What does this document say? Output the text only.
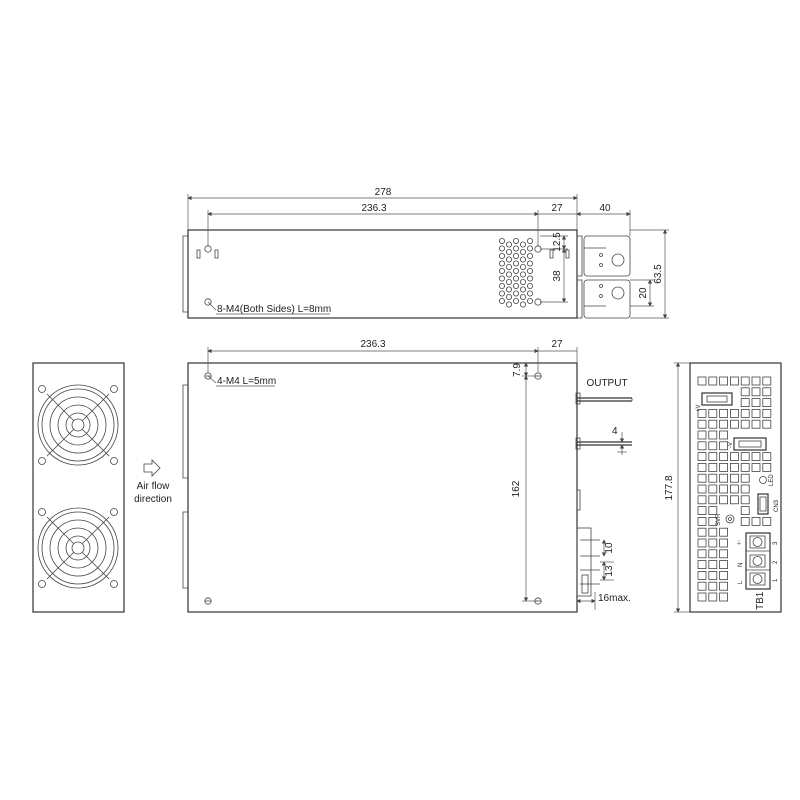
278
236.3	27	40
12.5
38
20
63.5
8-M4(Both Sides) L=8mm
Air flow
direction
OUTPUT
4
10
13
16max.
236.3	27
7.9
162
4-M4 L=5mm
+V
-V
LED
CN3
SVR
⏚
N
L
3
2
1
TB1
177.8
